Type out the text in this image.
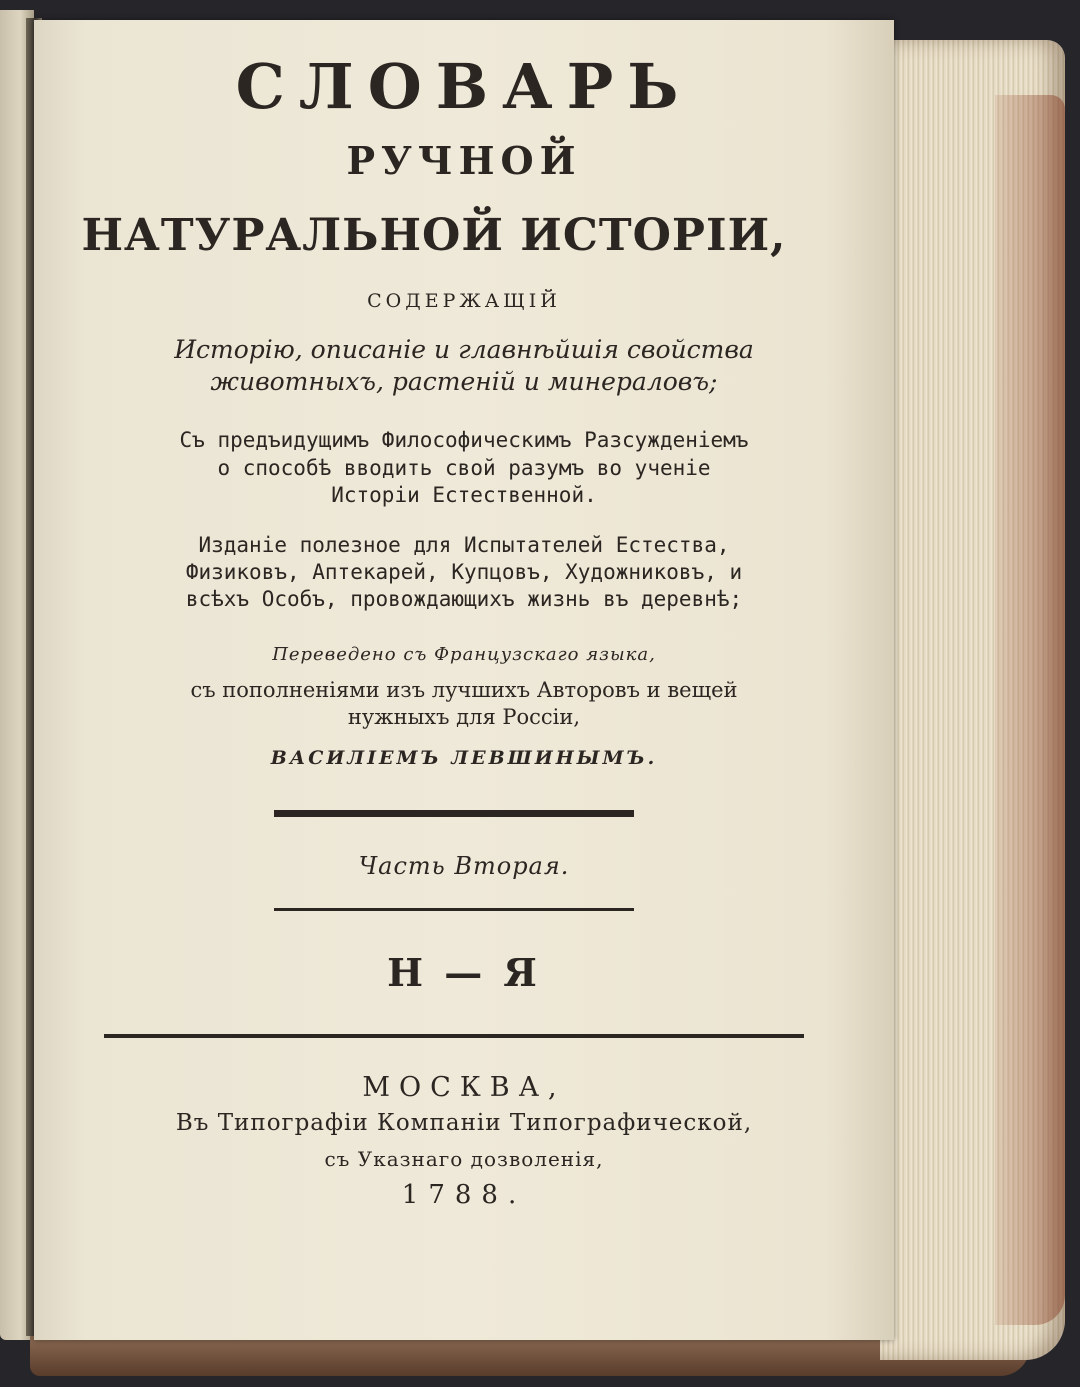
СЛОВАРЬ
РУЧНОЙ
НАТУРАЛЬНОЙ ИСТОРІИ,
СОДЕРЖАЩІЙ
Исторію, описаніе и главнѣйшія свойства
животныхъ, растеній и минераловъ;
Съ предъидущимъ Философическимъ Разсужденіемъ
о способѣ вводить свой разумъ во ученіе
Исторіи Естественной.
Изданіе полезное для Испытателей Естества,
Физиковъ, Аптекарей, Купцовъ, Художниковъ, и
всѣхъ Особъ, провождающихъ жизнь въ деревнѣ;
Переведено съ Французскаго языка,
съ пополненіями изъ лучшихъ Авторовъ и вещей
нужныхъ для Россіи,
ВАСИЛІЕМЪ ЛЕВШИНЫМЪ.
Часть Вторая.
Н — Я
МОСКВА,
Въ Типографіи Компаніи Типографической,
съ Указнаго дозволенія,
1788.
